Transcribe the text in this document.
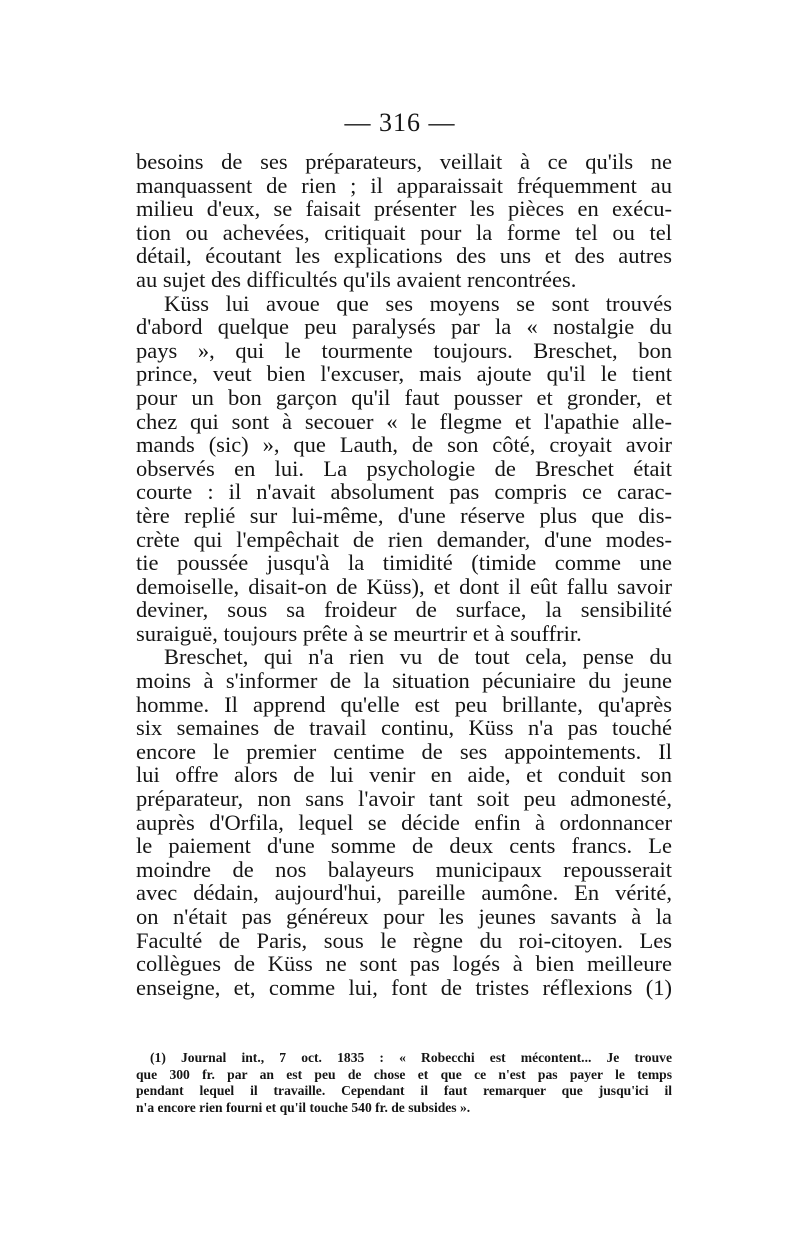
— 316 —
besoins de ses préparateurs, veillait à ce qu'ils ne
manquassent de rien ; il apparaissait fréquemment au
milieu d'eux, se faisait présenter les pièces en exécu-
tion ou achevées, critiquait pour la forme tel ou tel
détail, écoutant les explications des uns et des autres
au sujet des difficultés qu'ils avaient rencontrées.
Küss lui avoue que ses moyens se sont trouvés
d'abord quelque peu paralysés par la « nostalgie du
pays », qui le tourmente toujours. Breschet, bon
prince, veut bien l'excuser, mais ajoute qu'il le tient
pour un bon garçon qu'il faut pousser et gronder, et
chez qui sont à secouer « le flegme et l'apathie alle-
mands (sic) », que Lauth, de son côté, croyait avoir
observés en lui. La psychologie de Breschet était
courte : il n'avait absolument pas compris ce carac-
tère replié sur lui-même, d'une réserve plus que dis-
crète qui l'empêchait de rien demander, d'une modes-
tie poussée jusqu'à la timidité (timide comme une
demoiselle, disait-on de Küss), et dont il eût fallu savoir
deviner, sous sa froideur de surface, la sensibilité
suraiguë, toujours prête à se meurtrir et à souffrir.
Breschet, qui n'a rien vu de tout cela, pense du
moins à s'informer de la situation pécuniaire du jeune
homme. Il apprend qu'elle est peu brillante, qu'après
six semaines de travail continu, Küss n'a pas touché
encore le premier centime de ses appointements. Il
lui offre alors de lui venir en aide, et conduit son
préparateur, non sans l'avoir tant soit peu admonesté,
auprès d'Orfila, lequel se décide enfin à ordonnancer
le paiement d'une somme de deux cents francs. Le
moindre de nos balayeurs municipaux repousserait
avec dédain, aujourd'hui, pareille aumône. En vérité,
on n'était pas généreux pour les jeunes savants à la
Faculté de Paris, sous le règne du roi-citoyen. Les
collègues de Küss ne sont pas logés à bien meilleure
enseigne, et, comme lui, font de tristes réflexions (1)
(1) Journal int., 7 oct. 1835 : « Robecchi est mécontent... Je trouve
que 300 fr. par an est peu de chose et que ce n'est pas payer le temps
pendant lequel il travaille. Cependant il faut remarquer que jusqu'ici il
n'a encore rien fourni et qu'il touche 540 fr. de subsides ».
